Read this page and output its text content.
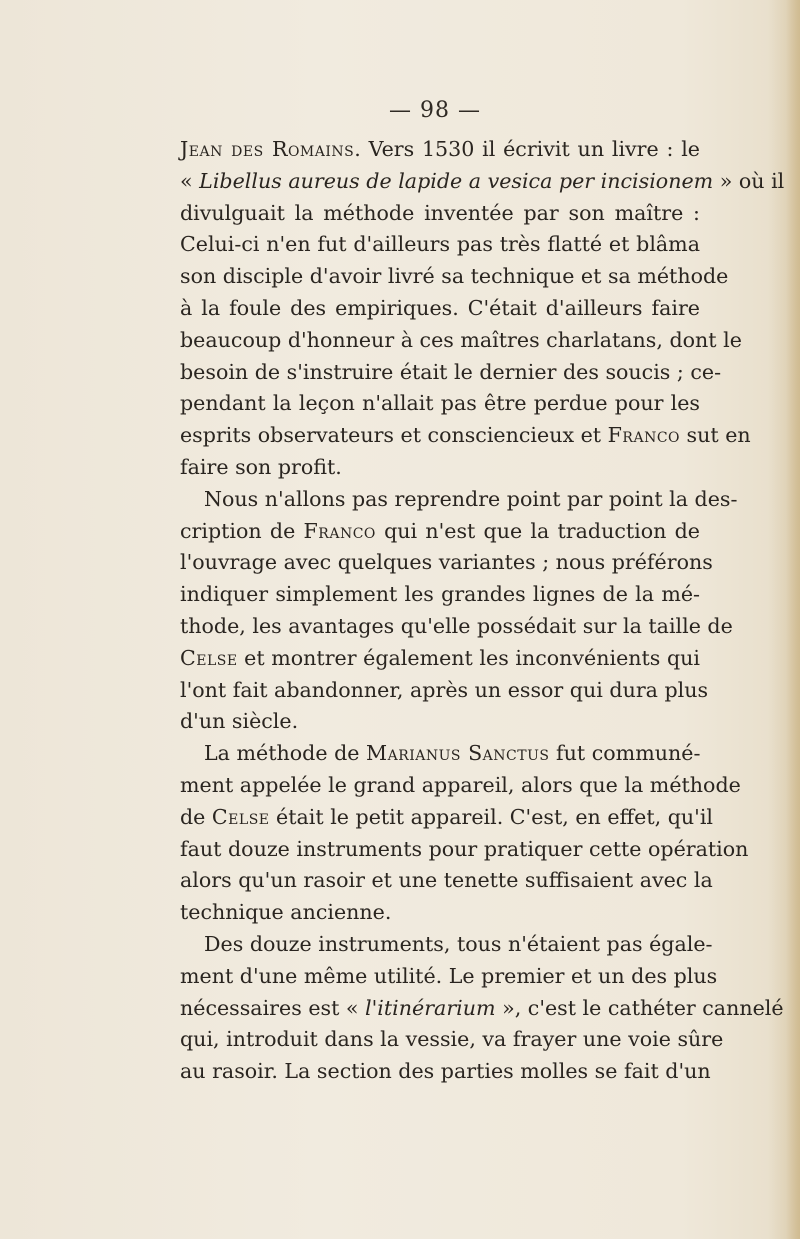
— 98 —
Jean des Romains. Vers 1530 il écrivit un livre : le
« Libellus aureus de lapide a vesica per incisionem » où il
divulguait la méthode inventée par son maître :
Celui-ci n'en fut d'ailleurs pas très flatté et blâma
son disciple d'avoir livré sa technique et sa méthode
à la foule des empiriques. C'était d'ailleurs faire
beaucoup d'honneur à ces maîtres charlatans, dont le
besoin de s'instruire était le dernier des soucis ; ce-
pendant la leçon n'allait pas être perdue pour les
esprits observateurs et consciencieux et Franco sut en
faire son profit.
Nous n'allons pas reprendre point par point la des-
cription de Franco qui n'est que la traduction de
l'ouvrage avec quelques variantes ; nous préférons
indiquer simplement les grandes lignes de la mé-
thode, les avantages qu'elle possédait sur la taille de
Celse et montrer également les inconvénients qui
l'ont fait abandonner, après un essor qui dura plus
d'un siècle.
La méthode de Marianus Sanctus fut communé-
ment appelée le grand appareil, alors que la méthode
de Celse était le petit appareil. C'est, en effet, qu'il
faut douze instruments pour pratiquer cette opération
alors qu'un rasoir et une tenette suffisaient avec la
technique ancienne.
Des douze instruments, tous n'étaient pas égale-
ment d'une même utilité. Le premier et un des plus
nécessaires est « l'itinérarium », c'est le cathéter cannelé
qui, introduit dans la vessie, va frayer une voie sûre
au rasoir. La section des parties molles se fait d'un
